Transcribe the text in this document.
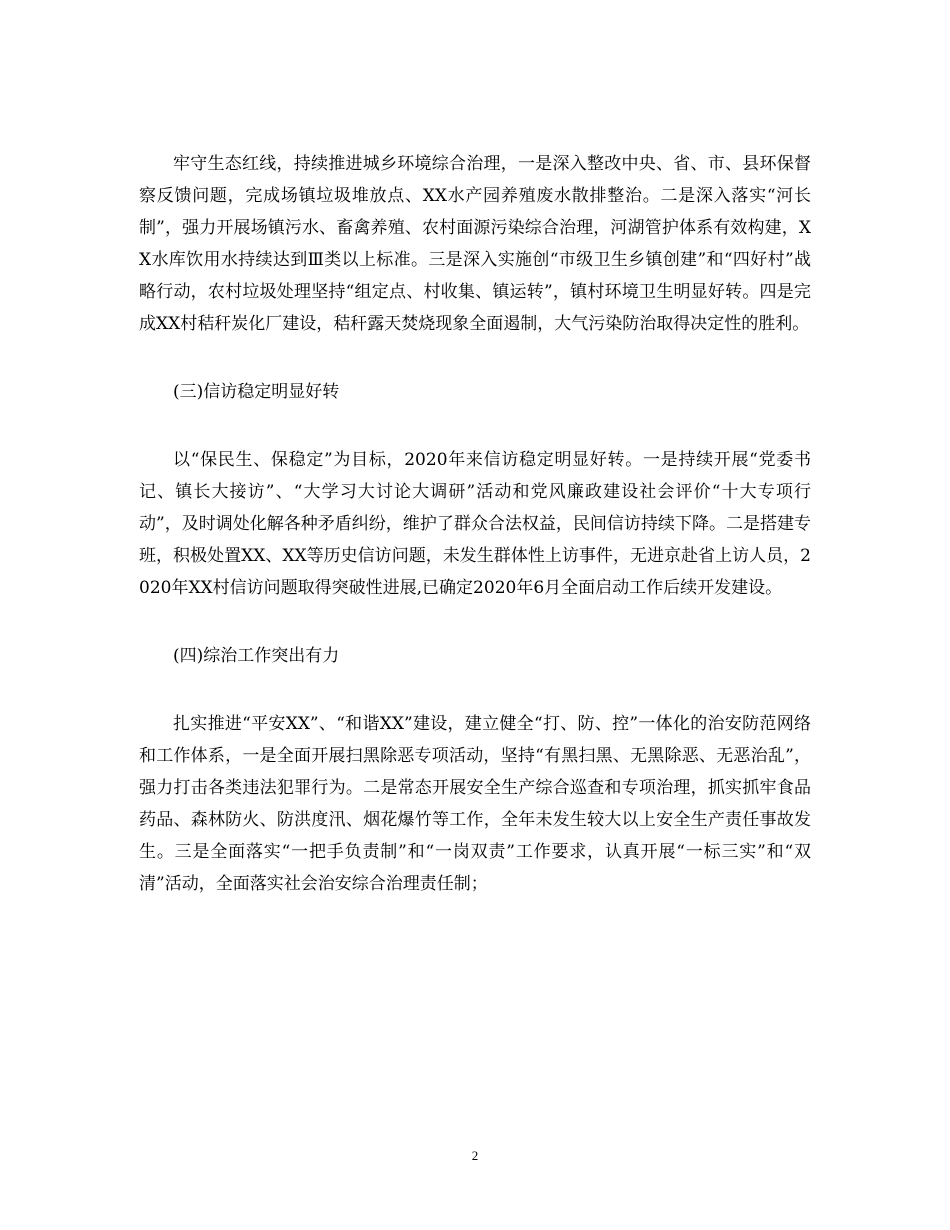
牢守生态红线，持续推进城乡环境综合治理，一是深入整改中央、省、市、县环保督察反馈问题，完成场镇垃圾堆放点、XX水产园养殖废水散排整治。二是深入落实“河长制”，强力开展场镇污水、畜禽养殖、农村面源污染综合治理，河湖管护体系有效构建，XX水库饮用水持续达到Ⅲ类以上标准。三是深入实施创“市级卫生乡镇创建”和“四好村”战略行动，农村垃圾处理坚持“组定点、村收集、镇运转”，镇村环境卫生明显好转。四是完成XX村秸秆炭化厂建设，秸秆露天焚烧现象全面遏制，大气污染防治取得决定性的胜利。

(三)信访稳定明显好转

以“保民生、保稳定”为目标，2020年来信访稳定明显好转。一是持续开展“党委书记、镇长大接访”、“大学习大讨论大调研”活动和党风廉政建设社会评价“十大专项行动”，及时调处化解各种矛盾纠纷，维护了群众合法权益，民间信访持续下降。二是搭建专班，积极处置XX、XX等历史信访问题，未发生群体性上访事件，无进京赴省上访人员，2020年XX村信访问题取得突破性进展,已确定2020年6月全面启动工作后续开发建设。

(四)综治工作突出有力

扎实推进“平安XX”、“和谐XX”建设，建立健全“打、防、控”一体化的治安防范网络和工作体系，一是全面开展扫黑除恶专项活动，坚持“有黑扫黑、无黑除恶、无恶治乱”，强力打击各类违法犯罪行为。二是常态开展安全生产综合巡查和专项治理，抓实抓牢食品药品、森林防火、防洪度汛、烟花爆竹等工作，全年未发生较大以上安全生产责任事故发生。三是全面落实“一把手负责制”和“一岗双责”工作要求，认真开展“一标三实”和“双清”活动，全面落实社会治安综合治理责任制；

2
